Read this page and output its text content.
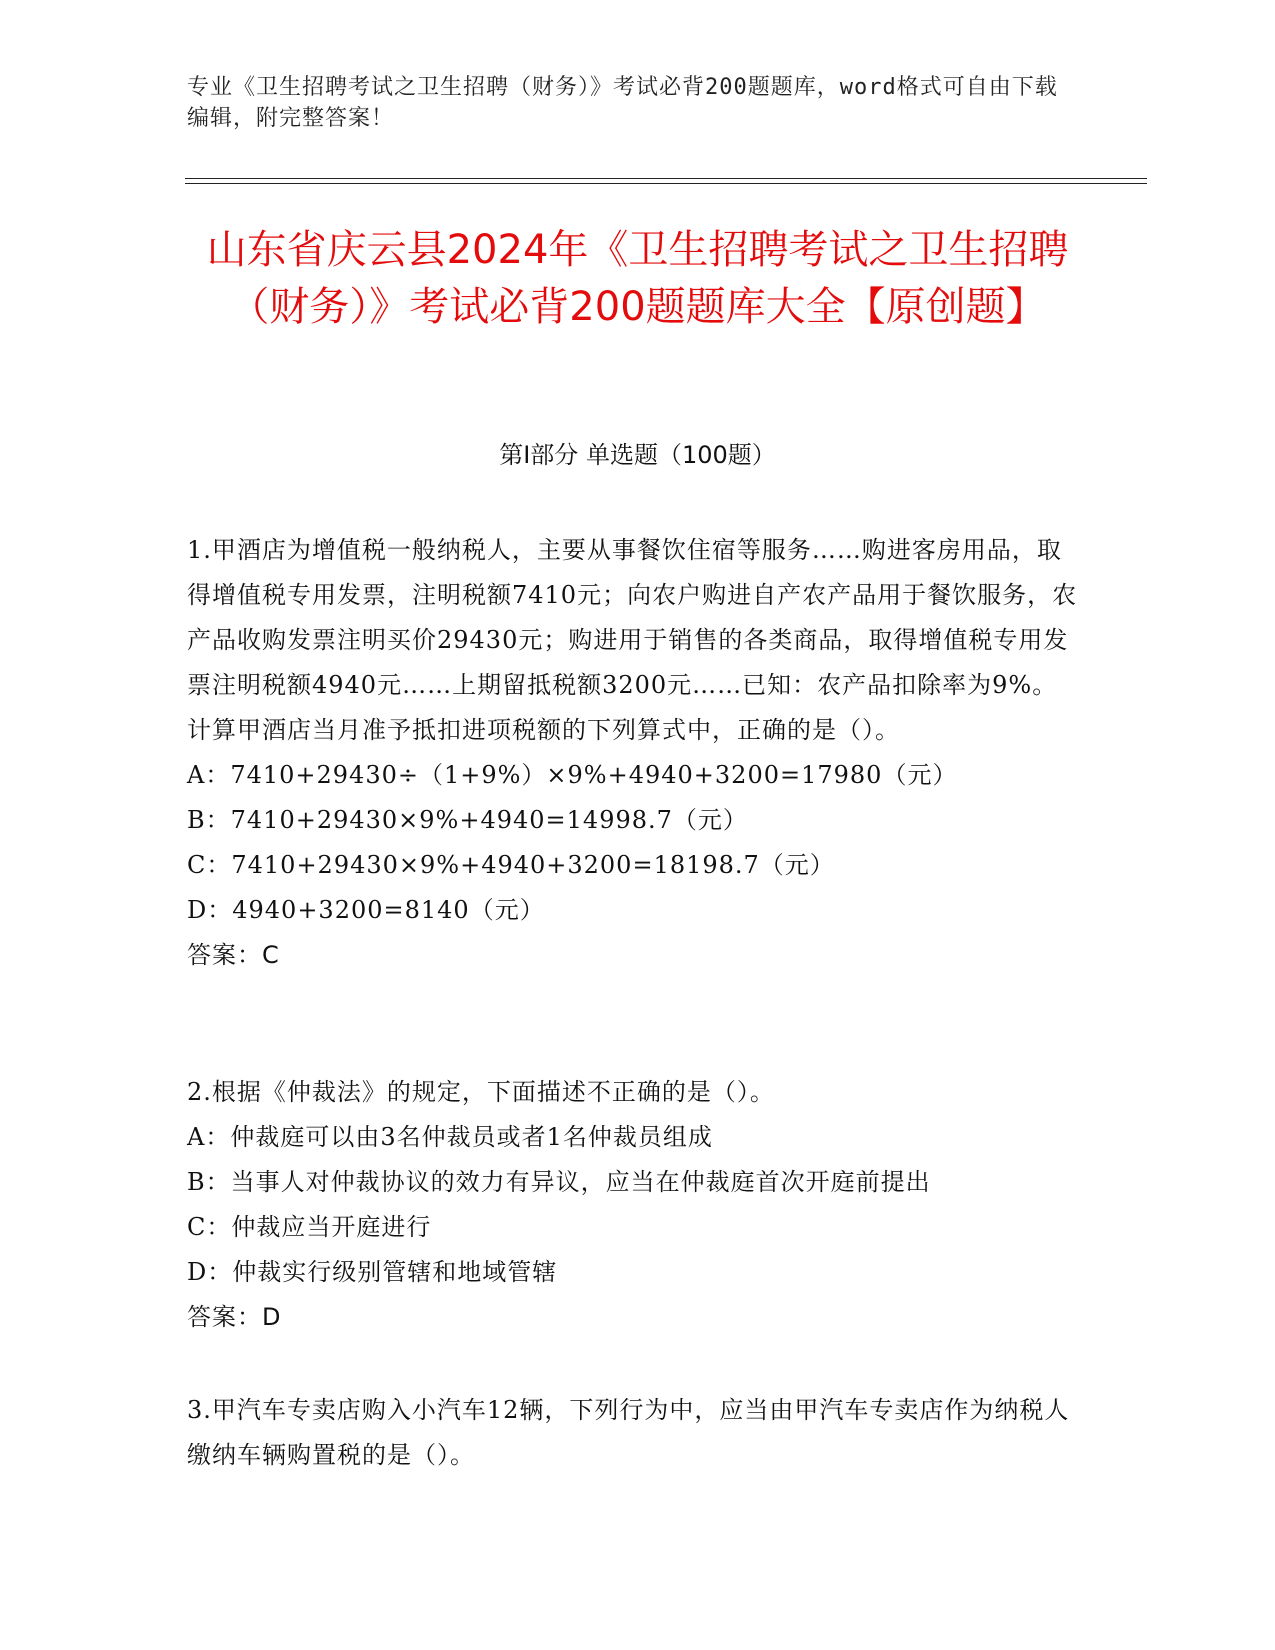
专业《卫生招聘考试之卫生招聘（财务）》考试必背200题题库，word格式可自由下载编辑，附完整答案！
山东省庆云县2024年《卫生招聘考试之卫生招聘（财务）》考试必背200题题库大全【原创题】
第Ⅰ部分 单选题（100题）
1.甲酒店为增值税一般纳税人，主要从事餐饮住宿等服务……购进客房用品，取得增值税专用发票，注明税额7410元；向农户购进自产农产品用于餐饮服务，农产品收购发票注明买价29430元；购进用于销售的各类商品，取得增值税专用发票注明税额4940元……上期留抵税额3200元……已知：农产品扣除率为9%。计算甲酒店当月准予抵扣进项税额的下列算式中，正确的是（）。
A：7410+29430÷（1+9%）×9%+4940+3200=17980（元）
B：7410+29430×9%+4940=14998.7（元）
C：7410+29430×9%+4940+3200=18198.7（元）
D：4940+3200=8140（元）
答案：C
2.根据《仲裁法》的规定，下面描述不正确的是（）。
A：仲裁庭可以由3名仲裁员或者1名仲裁员组成
B：当事人对仲裁协议的效力有异议，应当在仲裁庭首次开庭前提出
C：仲裁应当开庭进行
D：仲裁实行级别管辖和地域管辖
答案：D
3.甲汽车专卖店购入小汽车12辆，下列行为中，应当由甲汽车专卖店作为纳税人缴纳车辆购置税的是（）。
